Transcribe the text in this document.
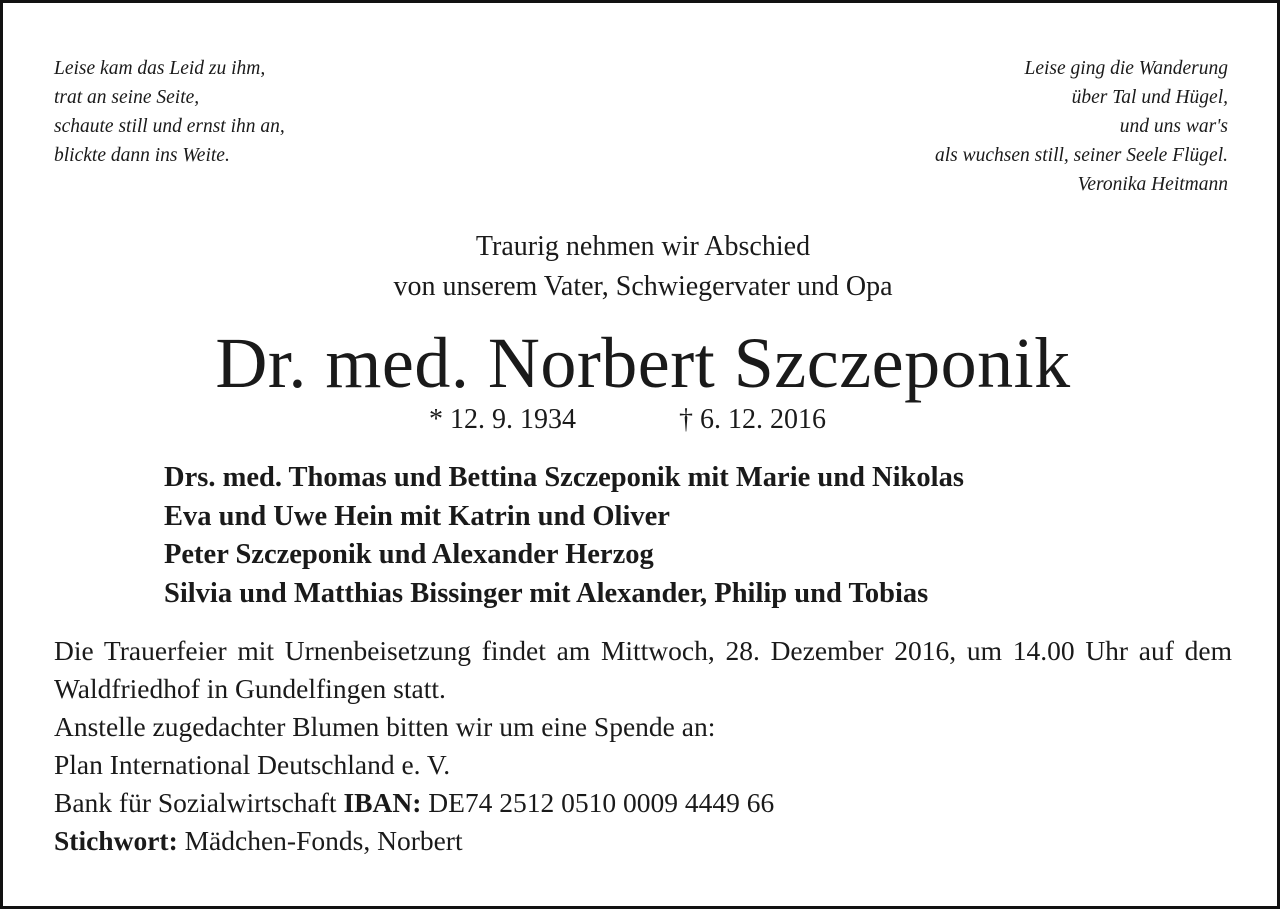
Leise kam das Leid zu ihm,
trat an seine Seite,
schaute still und ernst ihn an,
blickte dann ins Weite.
Leise ging die Wanderung
über Tal und Hügel,
und uns war's
als wuchsen still, seiner Seele Flügel.
Veronika Heitmann
Traurig nehmen wir Abschied
von unserem Vater, Schwiegervater und Opa
Dr. med. Norbert Szczeponik
* 12. 9. 1934	† 6. 12. 2016
Drs. med. Thomas und Bettina Szczeponik mit Marie und Nikolas
Eva und Uwe Hein mit Katrin und Oliver
Peter Szczeponik und Alexander Herzog
Silvia und Matthias Bissinger mit Alexander, Philip und Tobias

Die Trauerfeier mit Urnenbeisetzung findet am Mittwoch, 28. Dezember 2016, um 14.00 Uhr auf dem Waldfriedhof in Gundelfingen statt.

Anstelle zugedachter Blumen bitten wir um eine Spende an:

Plan International Deutschland e. V.

Bank für Sozialwirtschaft IBAN: DE74 2512 0510 0009 4449 66

Stichwort: Mädchen-Fonds, Norbert
